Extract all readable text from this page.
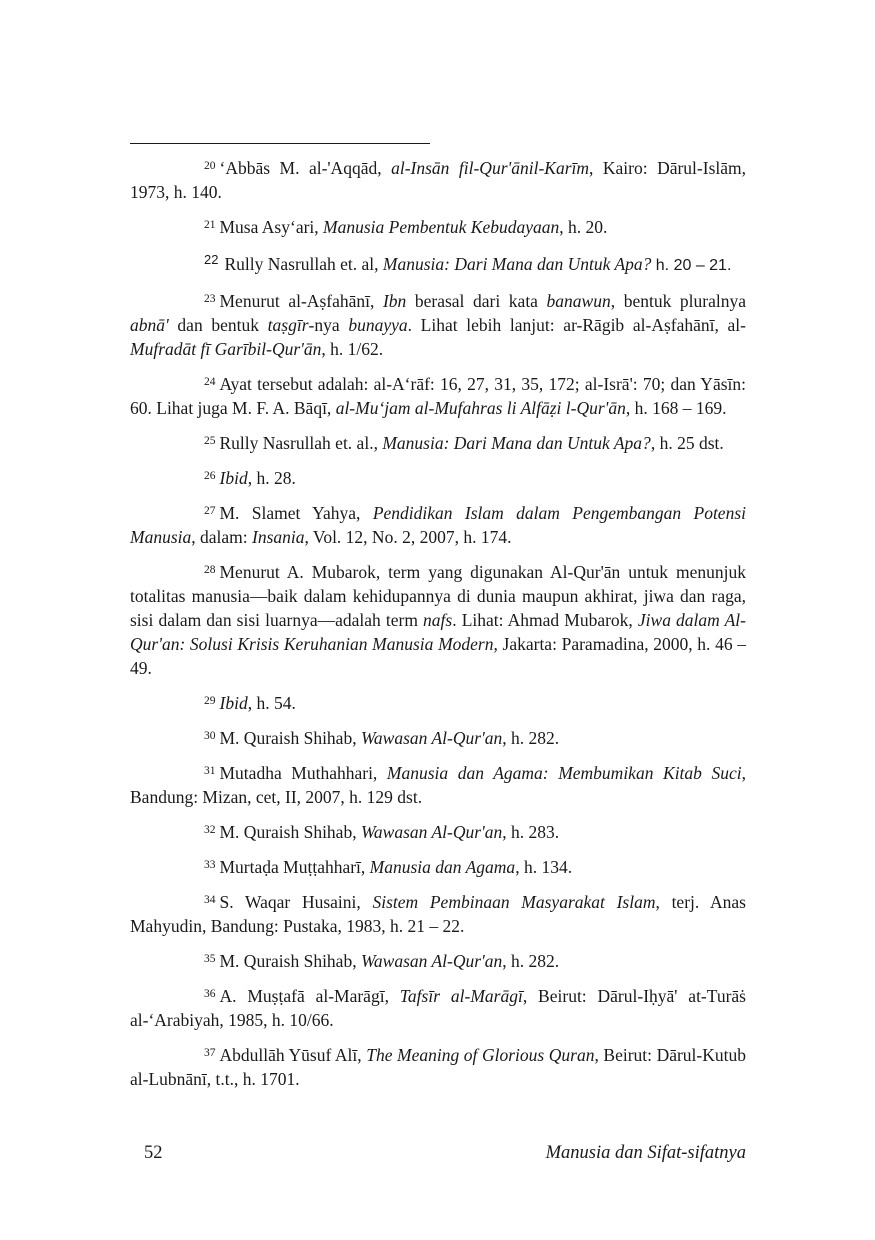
$^{20}$ ‘Abbās M. al-'Aqqād, al-Insān fil-Qur'ānil-Karīm, Kairo: Dārul-Islām, 1973, h. 140.

$^{21}$ Musa Asy‘ari, Manusia Pembentuk Kebudayaan, h. 20.

$^{22}$ Rully Nasrullah et. al, Manusia: Dari Mana dan Untuk Apa? h. 20 – 21.

$^{23}$ Menurut al-Aṣfahānī, Ibn berasal dari kata banawun, bentuk pluralnya abnā' dan bentuk taṣgīr-nya bunayya. Lihat lebih lanjut: ar-Rāgib al-Aṣfahānī, al-Mufradāt fī Garībil-Qur'ān, h. 1/62.

$^{24}$ Ayat tersebut adalah: al-A‘rāf: 16, 27, 31, 35, 172; al-Isrā': 70; dan Yāsīn: 60. Lihat juga M. F. A. Bāqī, al-Mu‘jam al-Mufahras li Alfāẓi l-Qur'ān, h. 168 – 169.

$^{25}$ Rully Nasrullah et. al., Manusia: Dari Mana dan Untuk Apa?, h. 25 dst.

$^{26}$ Ibid, h. 28.

$^{27}$ M. Slamet Yahya, Pendidikan Islam dalam Pengembangan Potensi Manusia, dalam: Insania, Vol. 12, No. 2, 2007, h. 174.

$^{28}$ Menurut A. Mubarok, term yang digunakan Al-Qur'ān untuk menunjuk totalitas manusia—baik dalam kehidupannya di dunia maupun akhirat, jiwa dan raga, sisi dalam dan sisi luarnya—adalah term nafs. Lihat: Ahmad Mubarok, Jiwa dalam Al-Qur'an: Solusi Krisis Keruhanian Manusia Modern, Jakarta: Paramadina, 2000, h. 46 – 49.

$^{29}$ Ibid, h. 54.

$^{30}$ M. Quraish Shihab, Wawasan Al-Qur'an, h. 282.

$^{31}$ Mutadha Muthahhari, Manusia dan Agama: Membumikan Kitab Suci, Bandung: Mizan, cet, II, 2007, h. 129 dst.

$^{32}$ M. Quraish Shihab, Wawasan Al-Qur'an, h. 283.

$^{33}$ Murtaḍa Muṭṭahharī, Manusia dan Agama, h. 134.

$^{34}$ S. Waqar Husaini, Sistem Pembinaan Masyarakat Islam, terj. Anas Mahyudin, Bandung: Pustaka, 1983, h. 21 – 22.

$^{35}$ M. Quraish Shihab, Wawasan Al-Qur'an, h. 282.

$^{36}$ A. Muṣṭafā al-Marāgī, Tafsīr al-Marāgī, Beirut: Dārul-Iḥyā' at-Turāṡ al-‘Arabiyah, 1985, h. 10/66.

$^{37}$ Abdullāh Yūsuf Alī, The Meaning of Glorious Quran, Beirut: Dārul-Kutub al-Lubnānī, t.t., h. 1701.

52	Manusia dan Sifat-sifatnya
